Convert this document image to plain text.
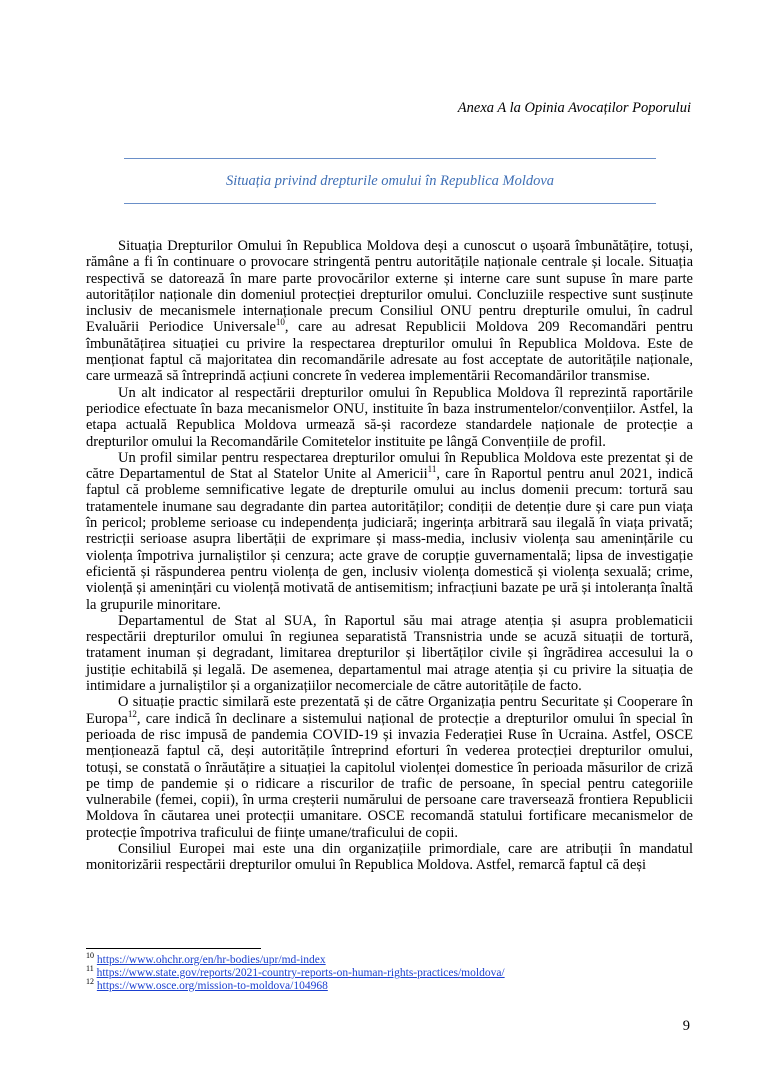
Anexa A la Opinia Avocaților Poporului
Situația privind drepturile omului în Republica Moldova

Situația Drepturilor Omului în Republica Moldova deși a cunoscut o ușoară îmbunătățire, totuși, rămâne a fi în continuare o provocare stringentă pentru autoritățile naționale centrale și locale. Situația respectivă se datorează în mare parte provocărilor externe și interne care sunt supuse în mare parte autorităților naționale din domeniul protecției drepturilor omului. Concluziile respective sunt susținute inclusiv de mecanismele internaționale precum Consiliul ONU pentru drepturile omului, în cadrul Evaluării Periodice Universale$^{10}$, care au adresat Republicii Moldova 209 Recomandări pentru îmbunătățirea situației cu privire la respectarea drepturilor omului în Republica Moldova. Este de menționat faptul că majoritatea din recomandările adresate au fost acceptate de autoritățile naționale, care urmează să întreprindă acțiuni concrete în vederea implementării Recomandărilor transmise.

Un alt indicator al respectării drepturilor omului în Republica Moldova îl reprezintă raportările periodice efectuate în baza mecanismelor ONU, instituite în baza instrumentelor/convențiilor. Astfel, la etapa actuală Republica Moldova urmează să-și racordeze standardele naționale de protecție a drepturilor omului la Recomandările Comitetelor instituite pe lângă Convențiile de profil.

Un profil similar pentru respectarea drepturilor omului în Republica Moldova este prezentat și de către Departamentul de Stat al Statelor Unite al Americii$^{11}$, care în Raportul pentru anul 2021, indică faptul că probleme semnificative legate de drepturile omului au inclus domenii precum: tortură sau tratamentele inumane sau degradante din partea autorităților; condiții de detenție dure și care pun viața în pericol; probleme serioase cu independența judiciară; ingerința arbitrară sau ilegală în viața privată; restricții serioase asupra libertății de exprimare și mass-media, inclusiv violența sau amenințările cu violența împotriva jurnaliștilor și cenzura; acte grave de corupție guvernamentală; lipsa de investigație eficientă și răspunderea pentru violența de gen, inclusiv violența domestică și violența sexuală; crime, violență și amenințări cu violență motivată de antisemitism; infracțiuni bazate pe ură și intoleranța înaltă la grupurile minoritare.

Departamentul de Stat al SUA, în Raportul său mai atrage atenția și asupra problematicii respectării drepturilor omului în regiunea separatistă Transnistria unde se acuză situații de tortură, tratament inuman și degradant, limitarea drepturilor și libertăților civile și îngrădirea accesului la o justiție echitabilă și legală. De asemenea, departamentul mai atrage atenția și cu privire la situația de intimidare a jurnaliștilor și a organizațiilor necomerciale de către autoritățile de facto.

O situație practic similară este prezentată și de către Organizația pentru Securitate și Cooperare în Europa$^{12}$, care indică în declinare a sistemului național de protecție a drepturilor omului în special în perioada de risc impusă de pandemia COVID-19 și invazia Federației Ruse în Ucraina. Astfel, OSCE menționează faptul că, deși autoritățile întreprind eforturi în vederea protecției drepturilor omului, totuși, se constată o înrăutățire a situației la capitolul violenței domestice în perioada măsurilor de criză pe timp de pandemie și o ridicare a riscurilor de trafic de persoane, în special pentru categoriile vulnerabile (femei, copii), în urma creșterii numărului de persoane care traversează frontiera Republicii Moldova în căutarea unei protecții umanitare. OSCE recomandă statului fortificare mecanismelor de protecție împotriva traficului de ființe umane/traficului de copii.

Consiliul Europei mai este una din organizațiile primordiale, care are atribuții în mandatul monitorizării respectării drepturilor omului în Republica Moldova. Astfel, remarcă faptul că deși

$^{10}$ https://www.ohchr.org/en/hr-bodies/upr/md-index
$^{11}$ https://www.state.gov/reports/2021-country-reports-on-human-rights-practices/moldova/
$^{12}$ https://www.osce.org/mission-to-moldova/104968
9
